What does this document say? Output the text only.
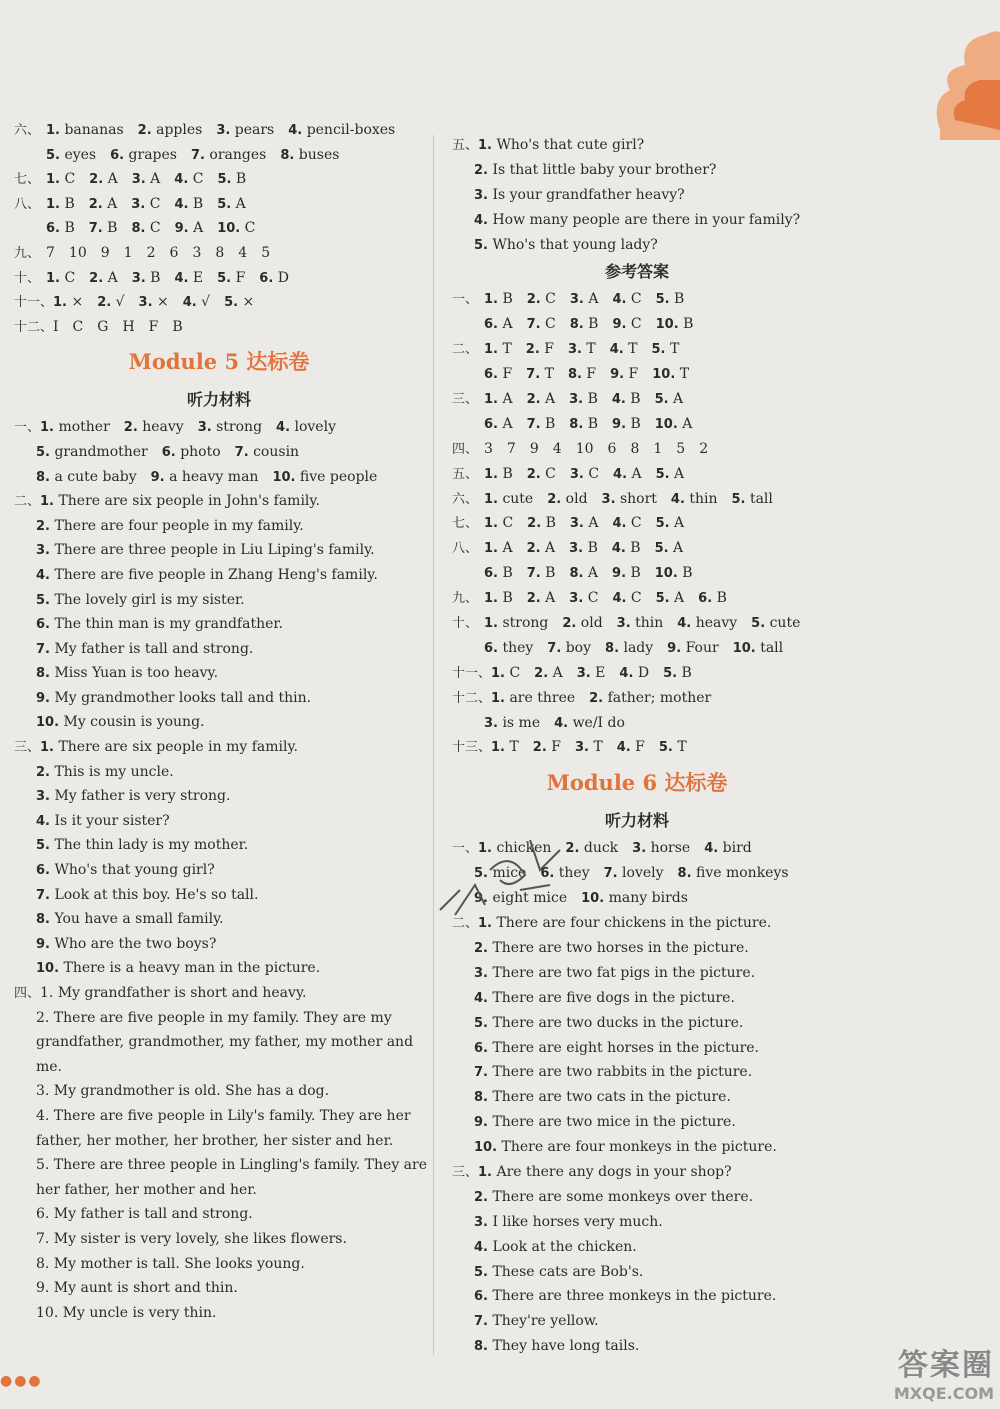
六、 1. bananas 2. apples 3. pears 4. pencil-boxes
5. eyes 6. grapes 7. oranges 8. buses
七、 1. C 2. A 3. A 4. C 5. B
八、 1. B 2. A 3. C 4. B 5. A
6. B 7. B 8. C 9. A 10. C
九、 7 10 9 1 2 6 3 8 4 5
十、 1. C 2. A 3. B 4. E 5. F 6. D
十一、1. × 2. √ 3. × 4. √ 5. ×
十二、I C G H F B
Module 5 达标卷
听力材料
一、1. mother 2. heavy 3. strong 4. lovely
5. grandmother 6. photo 7. cousin
8. a cute baby 9. a heavy man 10. five people
二、1. There are six people in John's family.
2. There are four people in my family.
3. There are three people in Liu Liping's family.
4. There are five people in Zhang Heng's family.
5. The lovely girl is my sister.
6. The thin man is my grandfather.
7. My father is tall and strong.
8. Miss Yuan is too heavy.
9. My grandmother looks tall and thin.
10. My cousin is young.
三、1. There are six people in my family.
2. This is my uncle.
3. My father is very strong.
4. Is it your sister?
5. The thin lady is my mother.
6. Who's that young girl?
7. Look at this boy. He's so tall.
8. You have a small family.
9. Who are the two boys?
10. There is a heavy man in the picture.
四、1. My grandfather is short and heavy.
2. There are five people in my family. They are my
grandfather, grandmother, my father, my mother and
me.
3. My grandmother is old. She has a dog.
4. There are five people in Lily's family. They are her
father, her mother, her brother, her sister and her.
5. There are three people in Lingling's family. They are
her father, her mother and her.
6. My father is tall and strong.
7. My sister is very lovely, she likes flowers.
8. My mother is tall. She looks young.
9. My aunt is short and thin.
10. My uncle is very thin.
五、1. Who's that cute girl?
2. Is that little baby your brother?
3. Is your grandfather heavy?
4. How many people are there in your family?
5. Who's that young lady?
参考答案
一、 1. B 2. C 3. A 4. C 5. B
6. A 7. C 8. B 9. C 10. B
二、 1. T 2. F 3. T 4. T 5. T
6. F 7. T 8. F 9. F 10. T
三、 1. A 2. A 3. B 4. B 5. A
6. A 7. B 8. B 9. B 10. A
四、 3 7 9 4 10 6 8 1 5 2
五、 1. B 2. C 3. C 4. A 5. A
六、 1. cute 2. old 3. short 4. thin 5. tall
七、 1. C 2. B 3. A 4. C 5. A
八、 1. A 2. A 3. B 4. B 5. A
6. B 7. B 8. A 9. B 10. B
九、 1. B 2. A 3. C 4. C 5. A 6. B
十、 1. strong 2. old 3. thin 4. heavy 5. cute
6. they 7. boy 8. lady 9. Four 10. tall
十一、1. C 2. A 3. E 4. D 5. B
十二、1. are three 2. father; mother
3. is me 4. we/I do
十三、1. T 2. F 3. T 4. F 5. T
Module 6 达标卷
听力材料
一、1. chicken 2. duck 3. horse 4. bird
5. mice 6. they 7. lovely 8. five monkeys
9. eight mice 10. many birds
二、1. There are four chickens in the picture.
2. There are two horses in the picture.
3. There are two fat pigs in the picture.
4. There are five dogs in the picture.
5. There are two ducks in the picture.
6. There are eight horses in the picture.
7. There are two rabbits in the picture.
8. There are two cats in the picture.
9. There are two mice in the picture.
10. There are four monkeys in the picture.
三、1. Are there any dogs in your shop?
2. There are some monkeys over there.
3. I like horses very much.
4. Look at the chicken.
5. These cats are Bob's.
6. There are three monkeys in the picture.
7. They're yellow.
8. They have long tails.
●●●	答案圈
MXQE.COM
